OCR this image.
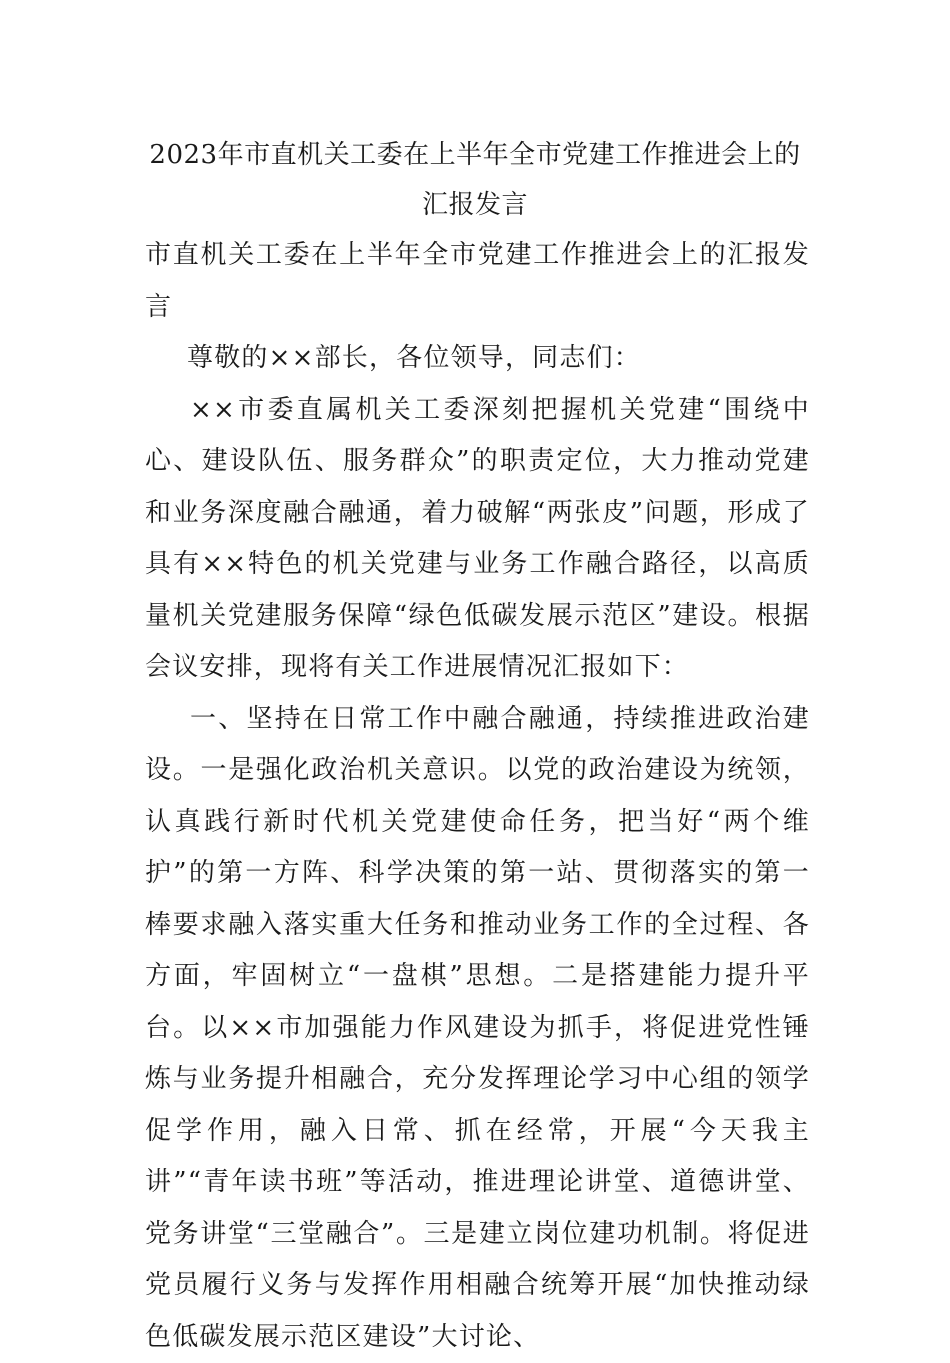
2023年市直机关工委在上半年全市党建工作推进会上的汇报发言

市直机关工委在上半年全市党建工作推进会上的汇报发言

尊敬的××部长，各位领导，同志们：

××市委直属机关工委深刻把握机关党建“围绕中心、建设队伍、服务群众”的职责定位，大力推动党建和业务深度融合融通，着力破解“两张皮”问题，形成了具有××特色的机关党建与业务工作融合路径，以高质量机关党建服务保障“绿色低碳发展示范区”建设。根据会议安排，现将有关工作进展情况汇报如下：

一、坚持在日常工作中融合融通，持续推进政治建设。一是强化政治机关意识。以党的政治建设为统领，认真践行新时代机关党建使命任务，把当好“两个维护”的第一方阵、科学决策的第一站、贯彻落实的第一棒要求融入落实重大任务和推动业务工作的全过程、各方面，牢固树立“一盘棋”思想。二是搭建能力提升平台。以××市加强能力作风建设为抓手，将促进党性锤炼与业务提升相融合，充分发挥理论学习中心组的领学促学作用，融入日常、抓在经常，开展“今天我主讲”“青年读书班”等活动，推进理论讲堂、道德讲堂、党务讲堂“三堂融合”。三是建立岗位建功机制。将促进党员履行义务与发挥作用相融合统筹开展“加快推动绿色低碳发展示范区建设”大讨论、
